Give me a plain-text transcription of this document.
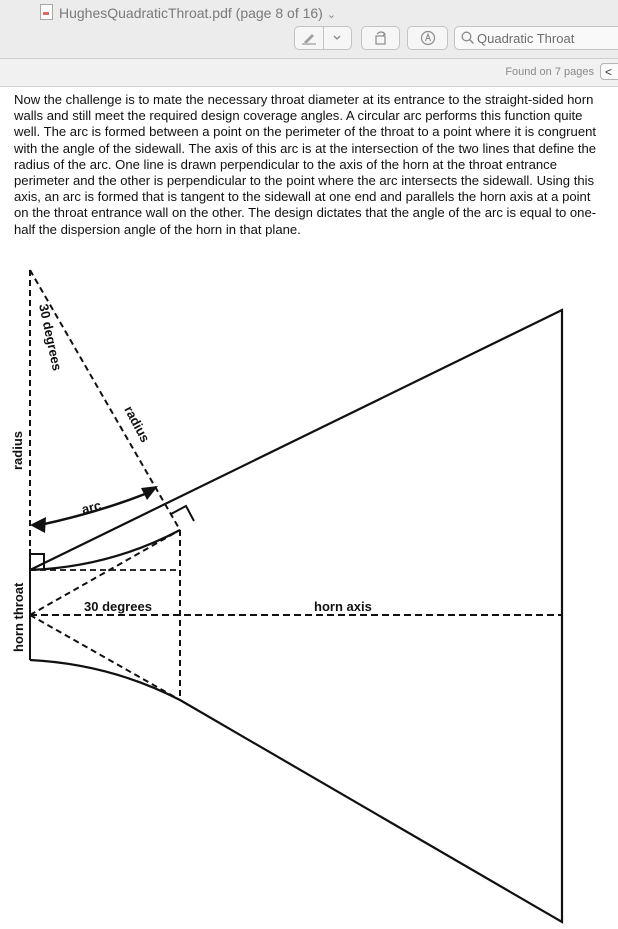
HughesQuadraticThroat.pdf (page 8 of 16) ⌄
Quadratic Throat
Found on 7 pages <

Now the challenge is to mate the necessary throat diameter at its entrance to the straight-sided horn walls and still meet the required design coverage angles. A circular arc performs this function quite well. The arc is formed between a point on the perimeter of the throat to a point where it is congruent with the angle of the sidewall. The axis of this arc is at the intersection of the two lines that define the radius of the arc. One line is drawn perpendicular to the axis of the horn at the throat entrance perimeter and the other is perpendicular to the point where the arc intersects the sidewall. Using this axis, an arc is formed that is tangent to the sidewall at one end and parallels the horn axis at a point on the throat entrance wall on the other. The design dictates that the angle of the arc is equal to one-half the dispersion angle of the horn in that plane.

30 degrees
radius
radius
arc
30 degrees	horn axis
horn throat
